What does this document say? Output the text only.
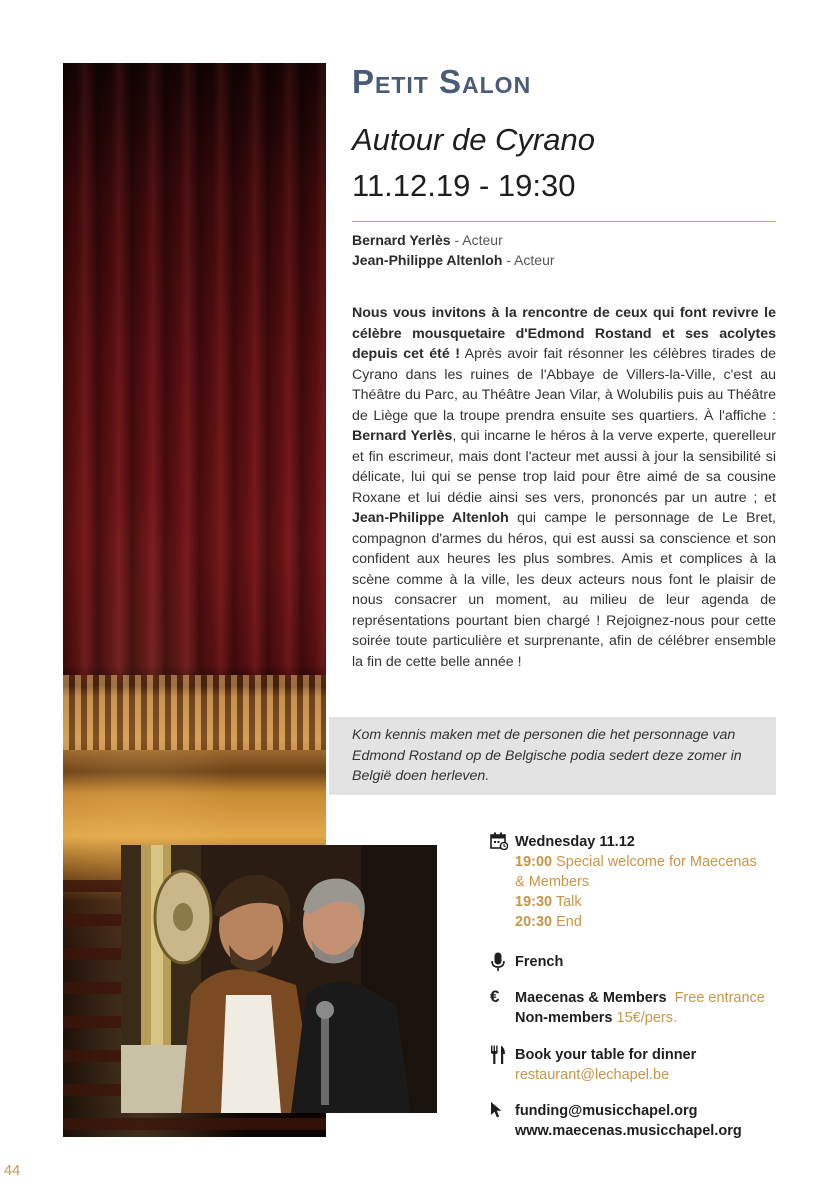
Petit Salon
Autour de Cyrano
11.12.19 - 19:30
Bernard Yerlès - Acteur
Jean-Philippe Altenloh - Acteur

Nous vous invitons à la rencontre de ceux qui font revivre le célèbre mousquetaire d'Edmond Rostand et ses acolytes depuis cet été ! Après avoir fait résonner les célèbres tirades de Cyrano dans les ruines de l'Abbaye de Villers-la-Ville, c'est au Théâtre du Parc, au Théâtre Jean Vilar, à Wolubilis puis au Théâtre de Liège que la troupe prendra ensuite ses quartiers. À l'affiche : Bernard Yerlès, qui incarne le héros à la verve experte, querelleur et fin escrimeur, mais dont l'acteur met aussi à jour la sensibilité si délicate, lui qui se pense trop laid pour être aimé de sa cousine Roxane et lui dédie ainsi ses vers, prononcés par un autre ; et Jean-Philippe Altenloh qui campe le personnage de Le Bret, compagnon d'armes du héros, qui est aussi sa conscience et son confident aux heures les plus sombres. Amis et complices à la scène comme à la ville, les deux acteurs nous font le plaisir de nous consacrer un moment, au milieu de leur agenda de représentations pourtant bien chargé ! Rejoignez-nous pour cette soirée toute particulière et surprenante, afin de célébrer ensemble la fin de cette belle année !

Kom kennis maken met de personen die het personnage van Edmond Rostand op de Belgische podia sedert deze zomer in België doen herleven.

Wednesday 11.12
19:00 Special welcome for Maecenas
& Members
19:30 Talk
20:30 End
French
€	Maecenas & Members Free entrance
Non-members 15€/pers.
Book your table for dinner
restaurant@lechapel.be
funding@musicchapel.org
www.maecenas.musicchapel.org
44
